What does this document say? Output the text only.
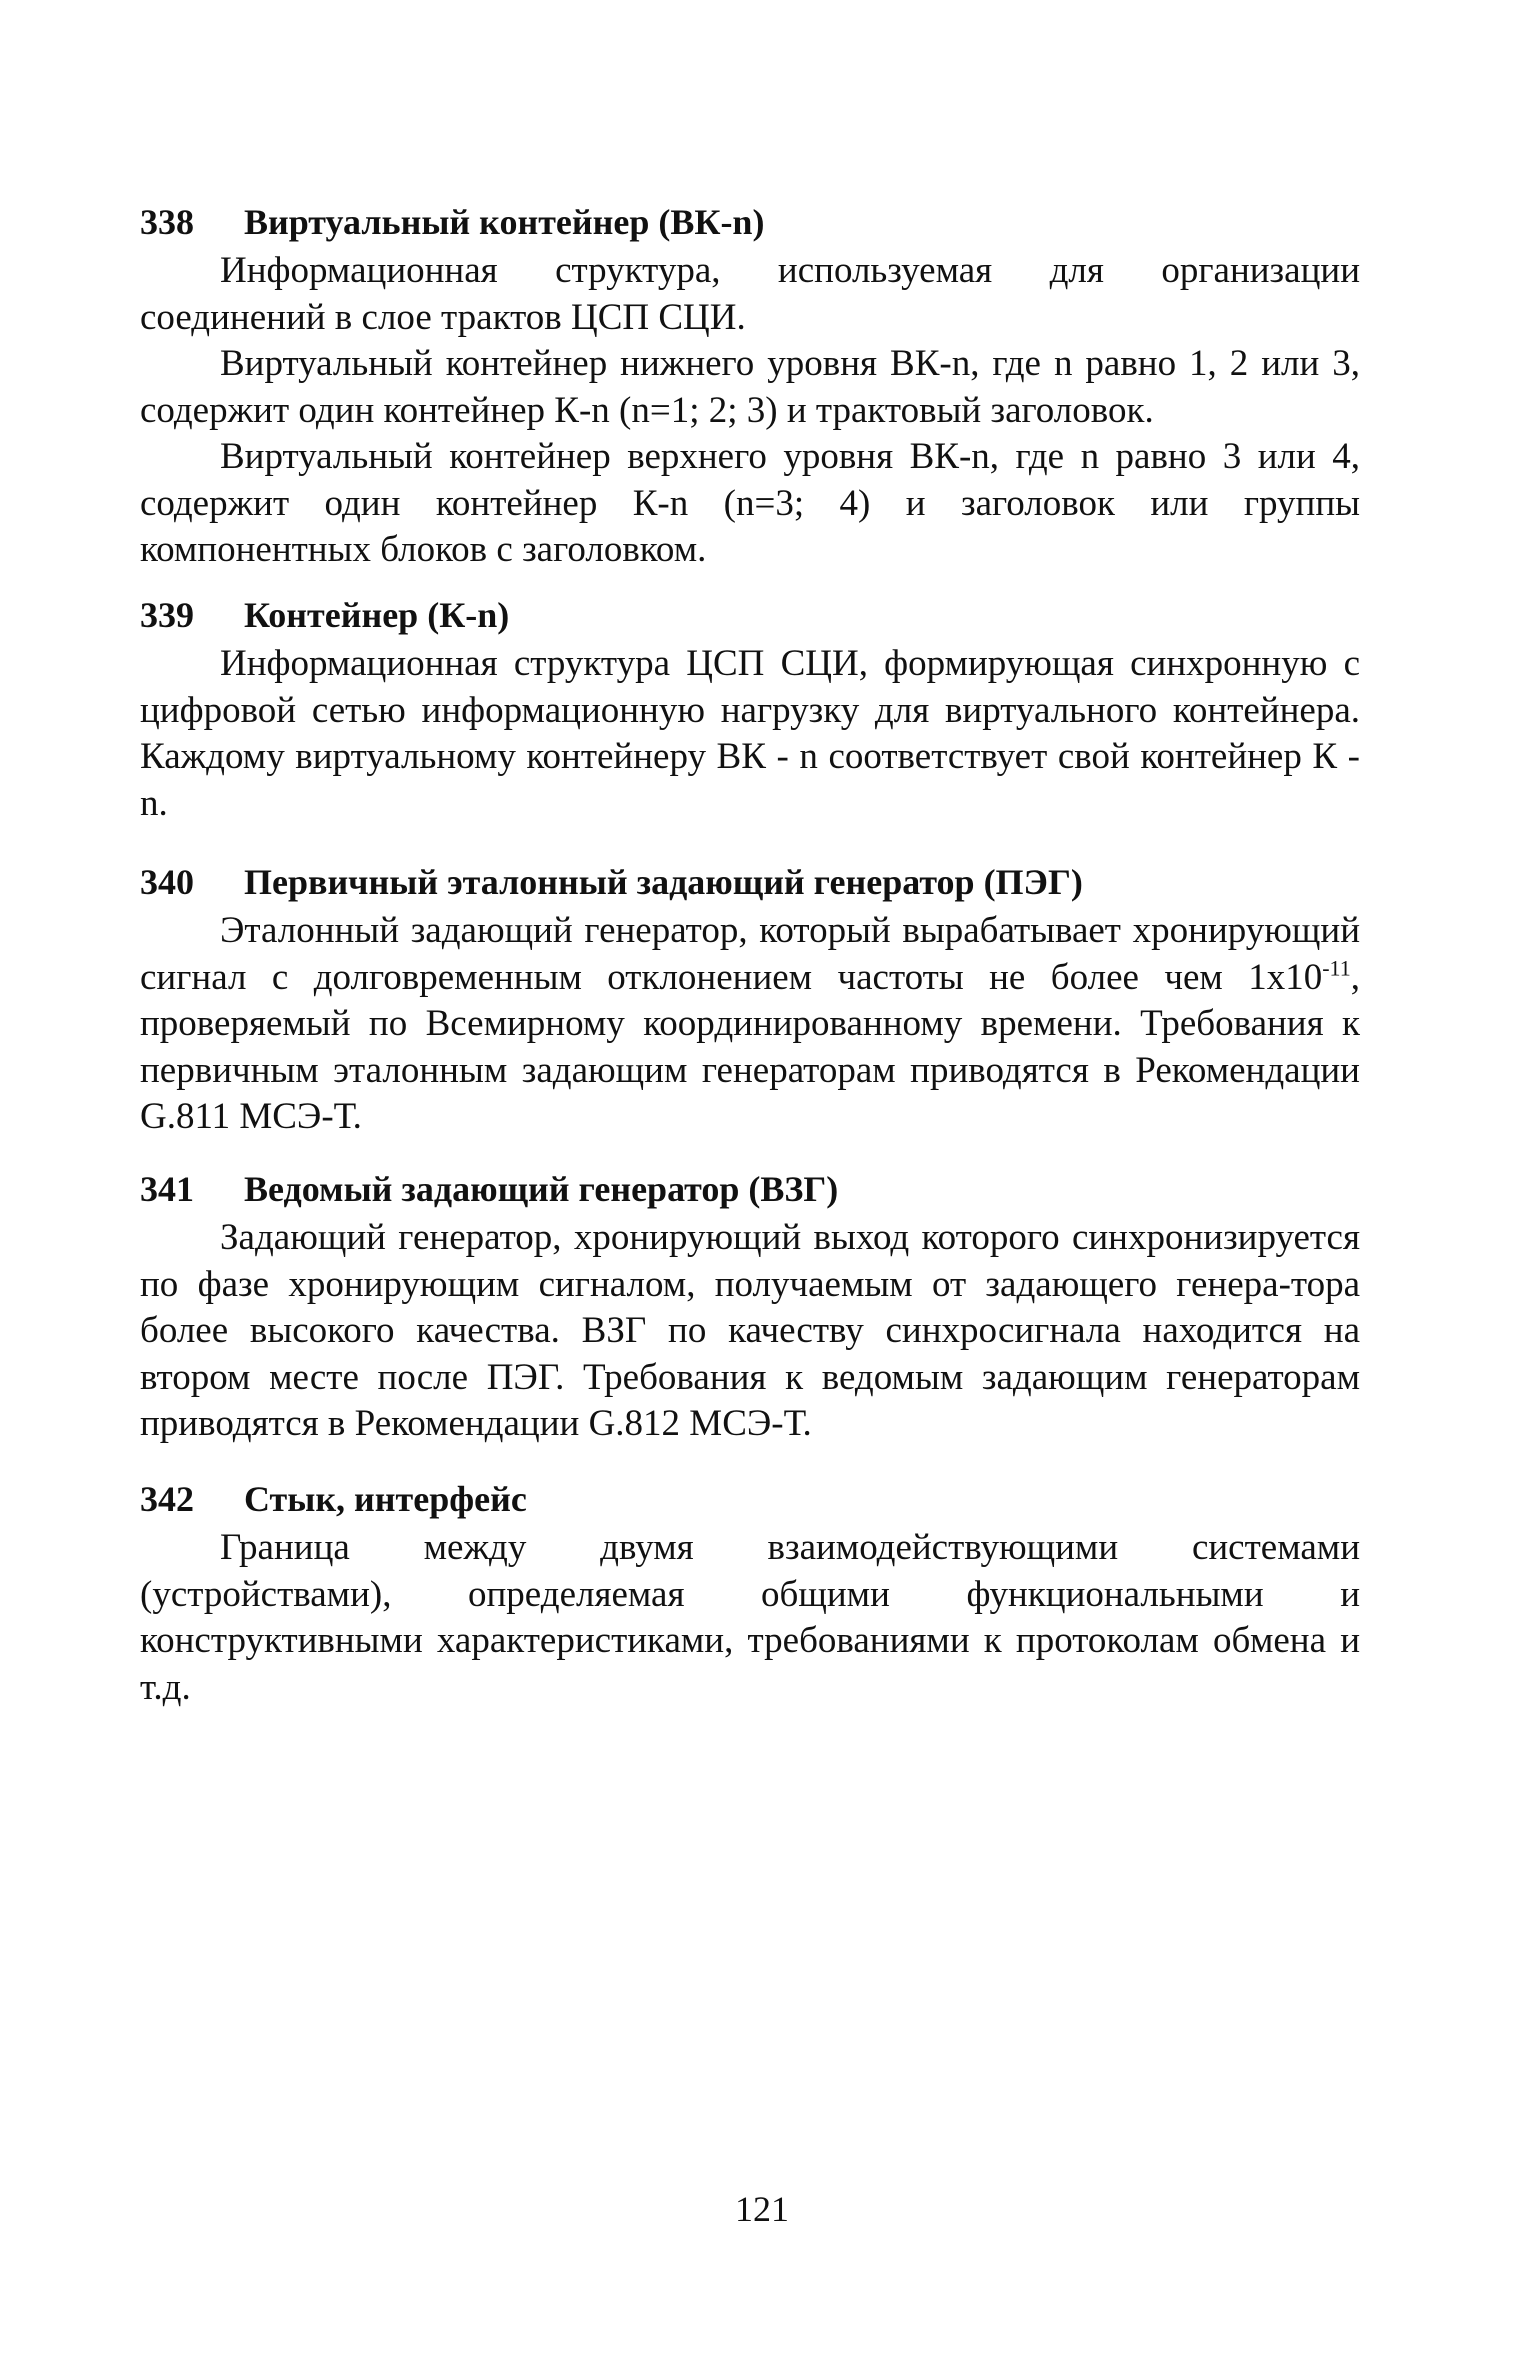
338 Виртуальный контейнер (ВК-n)

Информационная структура, используемая для организации соединений в слое трактов ЦСП СЦИ.

Виртуальный контейнер нижнего уровня ВК-n, где n равно 1, 2 или 3, содержит один контейнер К-n (n=1; 2; 3) и трактовый заголовок.

Виртуальный контейнер верхнего уровня ВК-n, где n равно 3 или 4, содержит один контейнер К-n (n=3; 4) и заголовок или группы компонентных блоков с заголовком.

339 Контейнер (К-n)

Информационная структура ЦСП СЦИ, формирующая синхронную с цифровой сетью информационную нагрузку для виртуального контейнера. Каждому виртуальному контейнеру ВК - n соответствует свой контейнер К - n.

340 Первичный эталонный задающий генератор (ПЭГ)

Эталонный задающий генератор, который вырабатывает хронирующий сигнал с долговременным отклонением частоты не более чем $1х10^{-11}$, проверяемый по Всемирному координированному времени. Требования к первичным эталонным задающим генераторам приводятся в Рекомендации G.811 МСЭ-Т.

341 Ведомый задающий генератор (ВЗГ)

Задающий генератор, хронирующий выход которого синхронизируется по фазе хронирующим сигналом, получаемым от задающего генера-тора более высокого качества. ВЗГ по качеству синхросигнала находится на втором месте после ПЭГ. Требования к ведомым задающим генераторам приводятся в Рекомендации G.812 МСЭ-Т.

342 Стык, интерфейс

Граница между двумя взаимодействующими системами (устройствами), определяемая общими функциональными и конструктивными характеристиками, требованиями к протоколам обмена и т.д.

121
